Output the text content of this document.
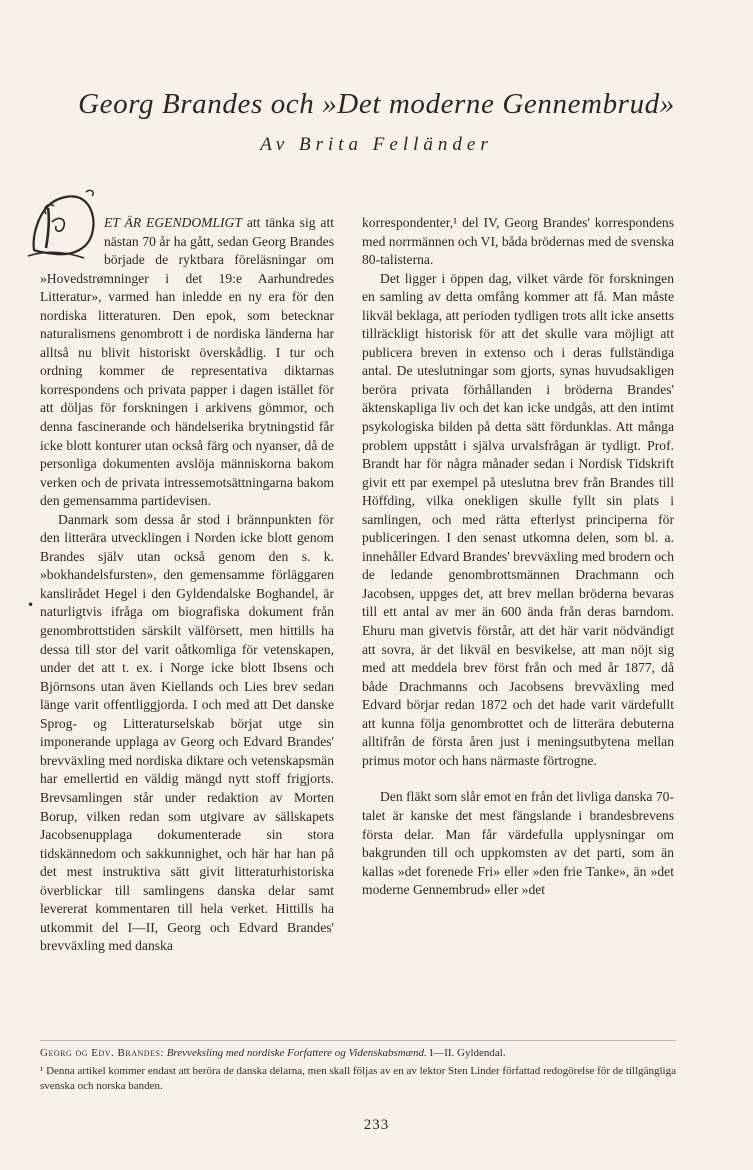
Georg Brandes och »Det moderne Gennembrud»
Av Brita Felländer

ET ÄR EGENDOMLIGT att tänka sig att nästan 70 år ha gått, sedan Georg Brandes började de ryktbara föreläsningar om »Hovedstrømninger i det 19:e Aarhundredes Litteratur», varmed han inledde en ny era för den nordiska litteraturen. Den epok, som betecknar naturalismens genombrott i de nordiska länderna har alltså nu blivit historiskt överskådlig. I tur och ordning kommer de representativa diktarnas korrespondens och privata papper i dagen istället för att döljas för forskningen i arkivens gömmor, och denna fascinerande och händelserika brytningstid får icke blott konturer utan också färg och nyanser, då de personliga dokumenten avslöja människorna bakom verken och de privata intressemotsättningarna bakom den gemensamma partidevisen.

Danmark som dessa år stod i brännpunkten för den litterära utvecklingen i Norden icke blott genom Brandes själv utan också genom den s. k. »bokhandelsfursten», den gemensamme förläggaren kanslirådet Hegel i den Gyldendalske Boghandel, är naturligtvis ifråga om biografiska dokument från genombrottstiden särskilt välförsett, men hittills ha dessa till stor del varit oåtkomliga för vetenskapen, under det att t. ex. i Norge icke blott Ibsens och Björnsons utan även Kiellands och Lies brev sedan länge varit offentliggjorda. I och med att Det danske Sprog- og Litteraturselskab börjat utge sin imponerande upplaga av Georg och Edvard Brandes' brevväxling med nordiska diktare och vetenskapsmän har emellertid en väldig mängd nytt stoff frigjorts. Brevsamlingen står under redaktion av Morten Borup, vilken redan som utgivare av sällskapets Jacobsenupplaga dokumenterade sin stora tidskännedom och sakkunnighet, och här har han på det mest instruktiva sätt givit litteraturhistoriska överblickar till samlingens danska delar samt levererat kommentaren till hela verket. Hittills ha utkommit del I—II, Georg och Edvard Brandes' brevväxling med danska

•

korrespondenter,¹ del IV, Georg Brandes' korrespondens med norrmännen och VI, båda brödernas med de svenska 80-talisterna.

Det ligger i öppen dag, vilket värde för forskningen en samling av detta omfång kommer att få. Man måste likväl beklaga, att perioden tydligen trots allt icke ansetts tillräckligt historisk för att det skulle vara möjligt att publicera breven in extenso och i deras fullständiga antal. De uteslutningar som gjorts, synas huvudsakligen beröra privata förhållanden i bröderna Brandes' äktenskapliga liv och det kan icke undgås, att den intimt psykologiska bilden på detta sätt fördunklas. Att många problem uppstått i själva urvalsfrågan är tydligt. Prof. Brandt har för några månader sedan i Nordisk Tidskrift givit ett par exempel på uteslutna brev från Brandes till Höffding, vilka onekligen skulle fyllt sin plats i samlingen, och med rätta efterlyst principerna för publiceringen. I den senast utkomna delen, som bl. a. innehåller Edvard Brandes' brevväxling med brodern och de ledande genombrottsmännen Drachmann och Jacobsen, uppges det, att brev mellan bröderna bevaras till ett antal av mer än 600 ända från deras barndom. Ehuru man givetvis förstår, att det här varit nödvändigt att sovra, är det likväl en besvikelse, att man nöjt sig med att meddela brev först från och med år 1877, då både Drachmanns och Jacobsens brevväxling med Edvard börjar redan 1872 och det hade varit värdefullt att kunna följa genombrottet och de litterära debuterna alltifrån de första åren just i meningsutbytena mellan primus motor och hans närmaste förtrogne.

Den fläkt som slår emot en från det livliga danska 70-talet är kanske det mest fängslande i brandesbrevens första delar. Man får värdefulla upplysningar om bakgrunden till och uppkomsten av det parti, som än kallas »det forenede Fri» eller »den frie Tanke», än »det moderne Gennembrud» eller »det

Georg og Edv. Brandes: Brevveksling med nordiske Forfattere og Videnskabsmænd. I—II. Gyldendal.
¹ Denna artikel kommer endast att beröra de danska delarna, men skall följas av en av lektor Sten Linder författad redogörelse för de tillgängliga svenska och norska banden.
233
